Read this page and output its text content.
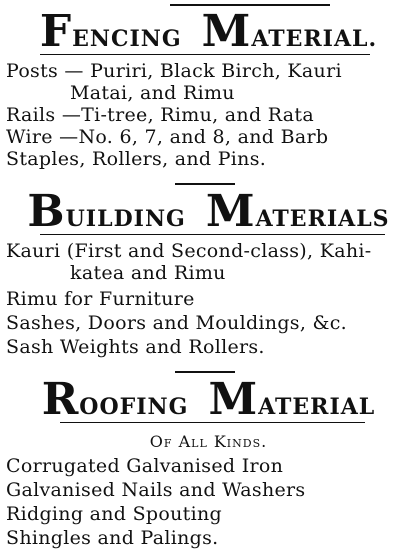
FENCING MATERIAL.
Posts — Puriri, Black Birch, Kauri
Matai, and Rimu
Rails —Ti-tree, Rimu, and Rata
Wire —No. 6, 7, and 8, and Barb
Staples, Rollers, and Pins.
BUILDING MATERIALS
Kauri (First and Second-class), Kahi-
katea and Rimu
Rimu for Furniture
Sashes, Doors and Mouldings, &c.
Sash Weights and Rollers.
ROOFING MATERIAL
Of All Kinds.
Corrugated Galvanised Iron
Galvanised Nails and Washers
Ridging and Spouting
Shingles and Palings.
